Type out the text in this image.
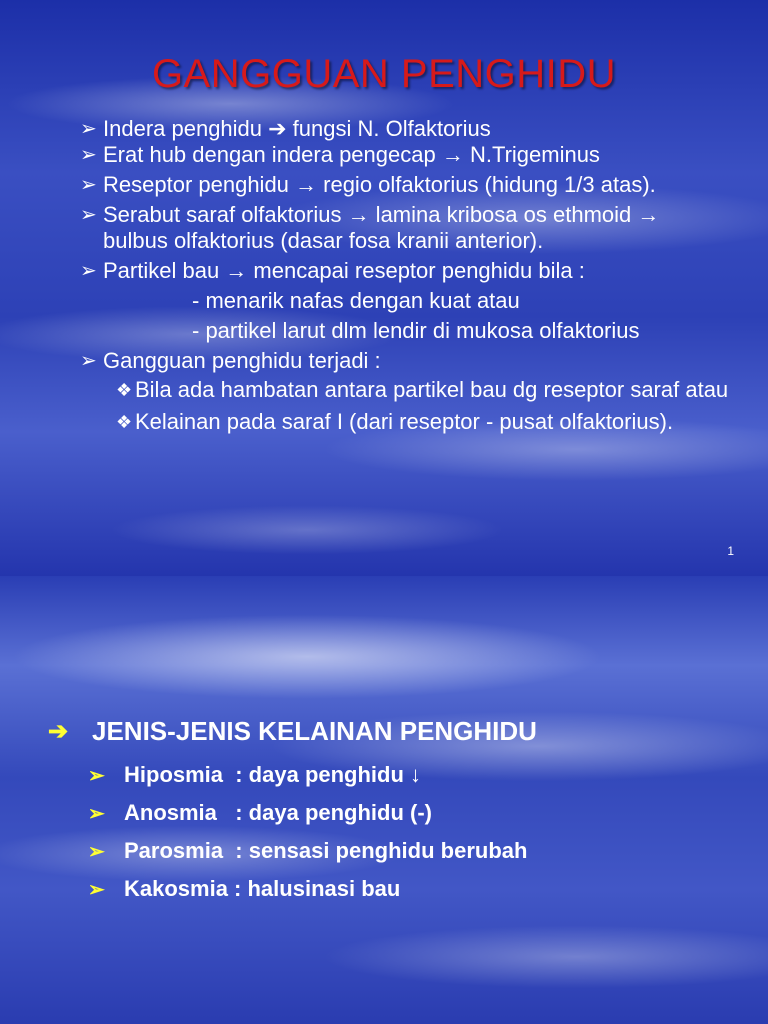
GANGGUAN PENGHIDU
➢ Indera penghidu ➔ fungsi N. Olfaktorius
➢ Erat hub dengan indera pengecap → N.Trigeminus
➢ Reseptor penghidu → regio olfaktorius (hidung 1/3 atas).
➢ Serabut saraf olfaktorius → lamina kribosa os ethmoid → bulbus olfaktorius (dasar fosa kranii anterior).
➢ Partikel bau → mencapai reseptor penghidu bila :
- menarik nafas dengan kuat atau
- partikel larut dlm lendir di mukosa olfaktorius
➢ Gangguan penghidu terjadi :
❖ Bila ada hambatan antara partikel bau dg reseptor saraf atau
❖ Kelainan pada saraf I (dari reseptor - pusat olfaktorius).
1
➔ JENIS-JENIS KELAINAN PENGHIDU
➢ Hiposmia  : daya penghidu ↓
➢ Anosmia   : daya penghidu (-)
➢ Parosmia  : sensasi penghidu berubah
➢ Kakosmia : halusinasi bau
